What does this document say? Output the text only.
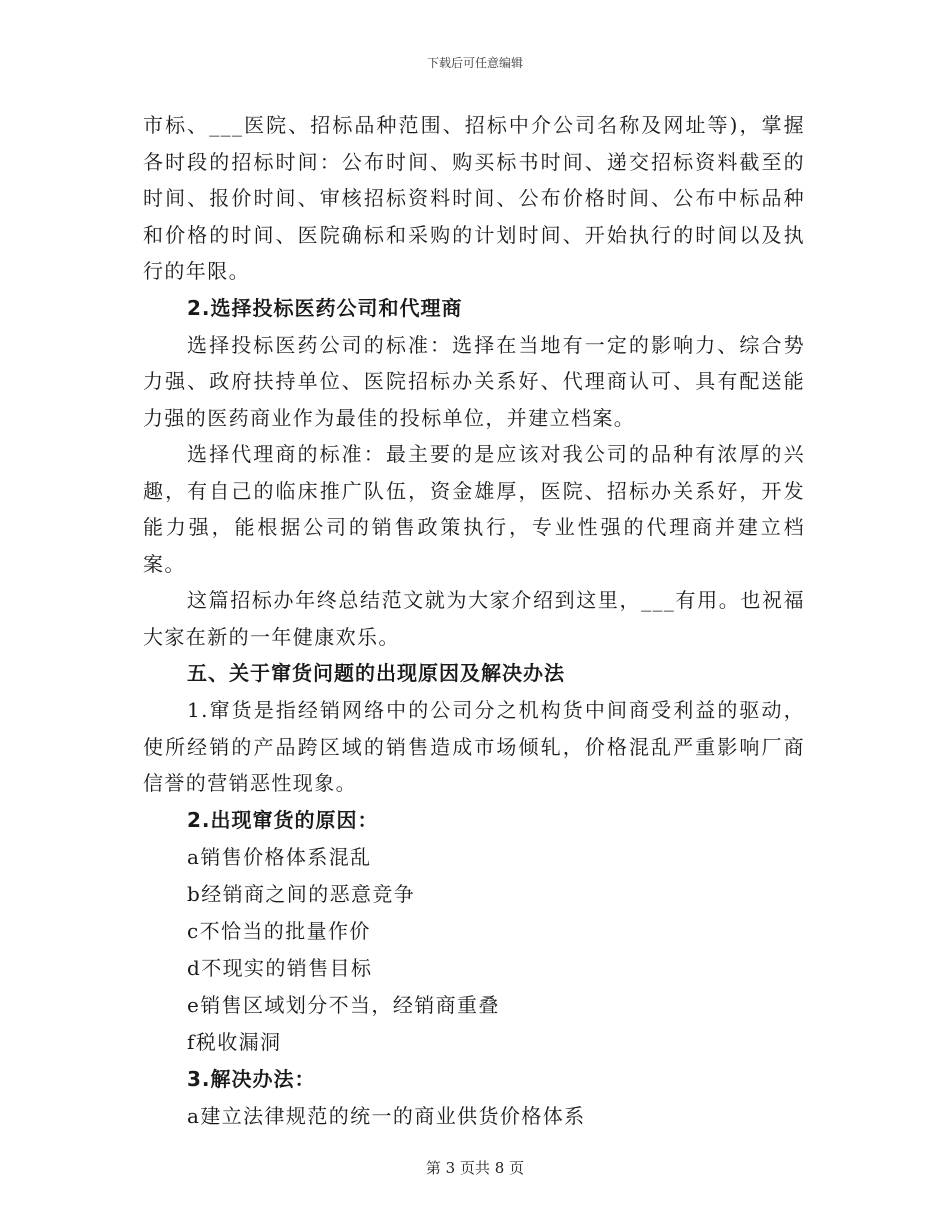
下载后可任意编辑

市标、___医院、招标品种范围、招标中介公司名称及网址等)，掌握各时段的招标时间：公布时间、购买标书时间、递交招标资料截至的时间、报价时间、审核招标资料时间、公布价格时间、公布中标品种和价格的时间、医院确标和采购的计划时间、开始执行的时间以及执行的年限。

2.选择投标医药公司和代理商

选择投标医药公司的标准：选择在当地有一定的影响力、综合势力强、政府扶持单位、医院招标办关系好、代理商认可、具有配送能力强的医药商业作为最佳的投标单位，并建立档案。

选择代理商的标准：最主要的是应该对我公司的品种有浓厚的兴趣，有自己的临床推广队伍，资金雄厚，医院、招标办关系好，开发能力强，能根据公司的销售政策执行，专业性强的代理商并建立档案。

这篇招标办年终总结范文就为大家介绍到这里，___有用。也祝福大家在新的一年健康欢乐。

五、关于窜货问题的出现原因及解决办法

1.窜货是指经销网络中的公司分之机构货中间商受利益的驱动，使所经销的产品跨区域的销售造成市场倾轧，价格混乱严重影响厂商信誉的营销恶性现象。

2.出现窜货的原因：

a销售价格体系混乱

b经销商之间的恶意竞争

c不恰当的批量作价

d不现实的销售目标

e销售区域划分不当，经销商重叠

f税收漏洞

3.解决办法：

a建立法律规范的统一的商业供货价格体系

第 3 页共 8 页
